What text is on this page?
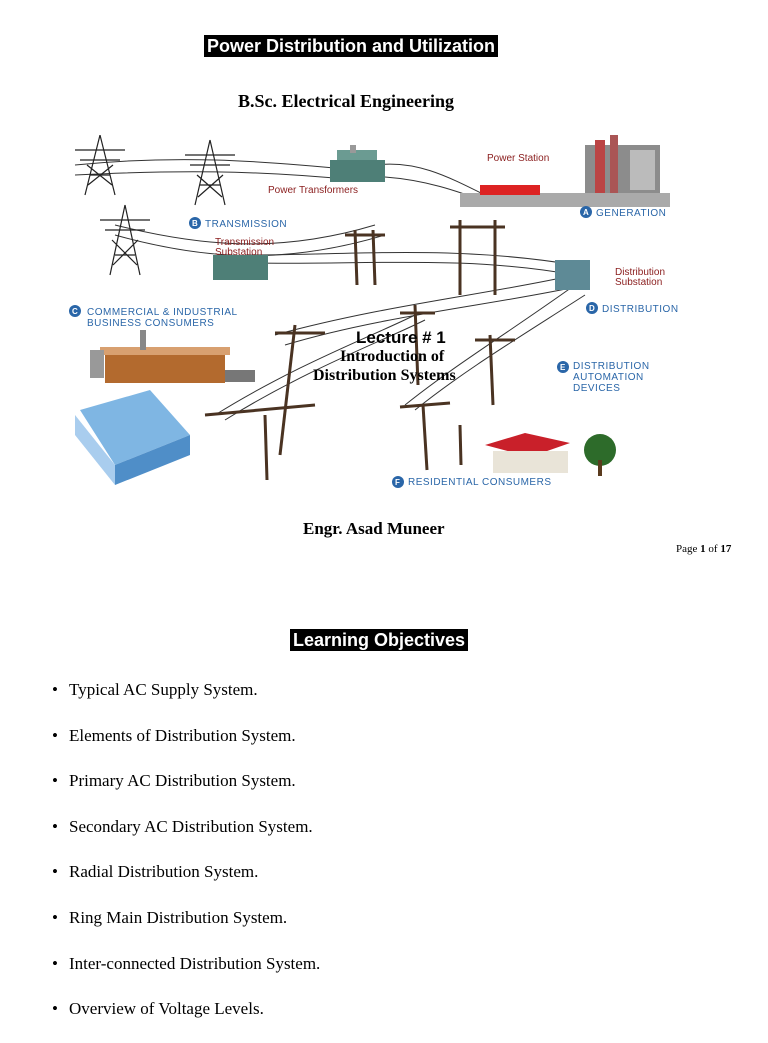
Power Distribution and Utilization
B.Sc. Electrical Engineering
Power Station
Power Transformers
B TRANSMISSION
Transmission
Substation
A GENERATION
Distribution
Substation
C COMMERCIAL & INDUSTRIAL
BUSINESS CONSUMERS
D DISTRIBUTION
E DISTRIBUTION
AUTOMATION
DEVICES
F RESIDENTIAL CONSUMERS
Lecture # 1
Introduction of
Distribution Systems
Engr. Asad Muneer
Page 1 of 17
Learning Objectives
• Typical AC Supply System.
• Elements of Distribution System.
• Primary AC Distribution System.
• Secondary AC Distribution System.
• Radial Distribution System.
• Ring Main Distribution System.
• Inter-connected Distribution System.
• Overview of Voltage Levels.
